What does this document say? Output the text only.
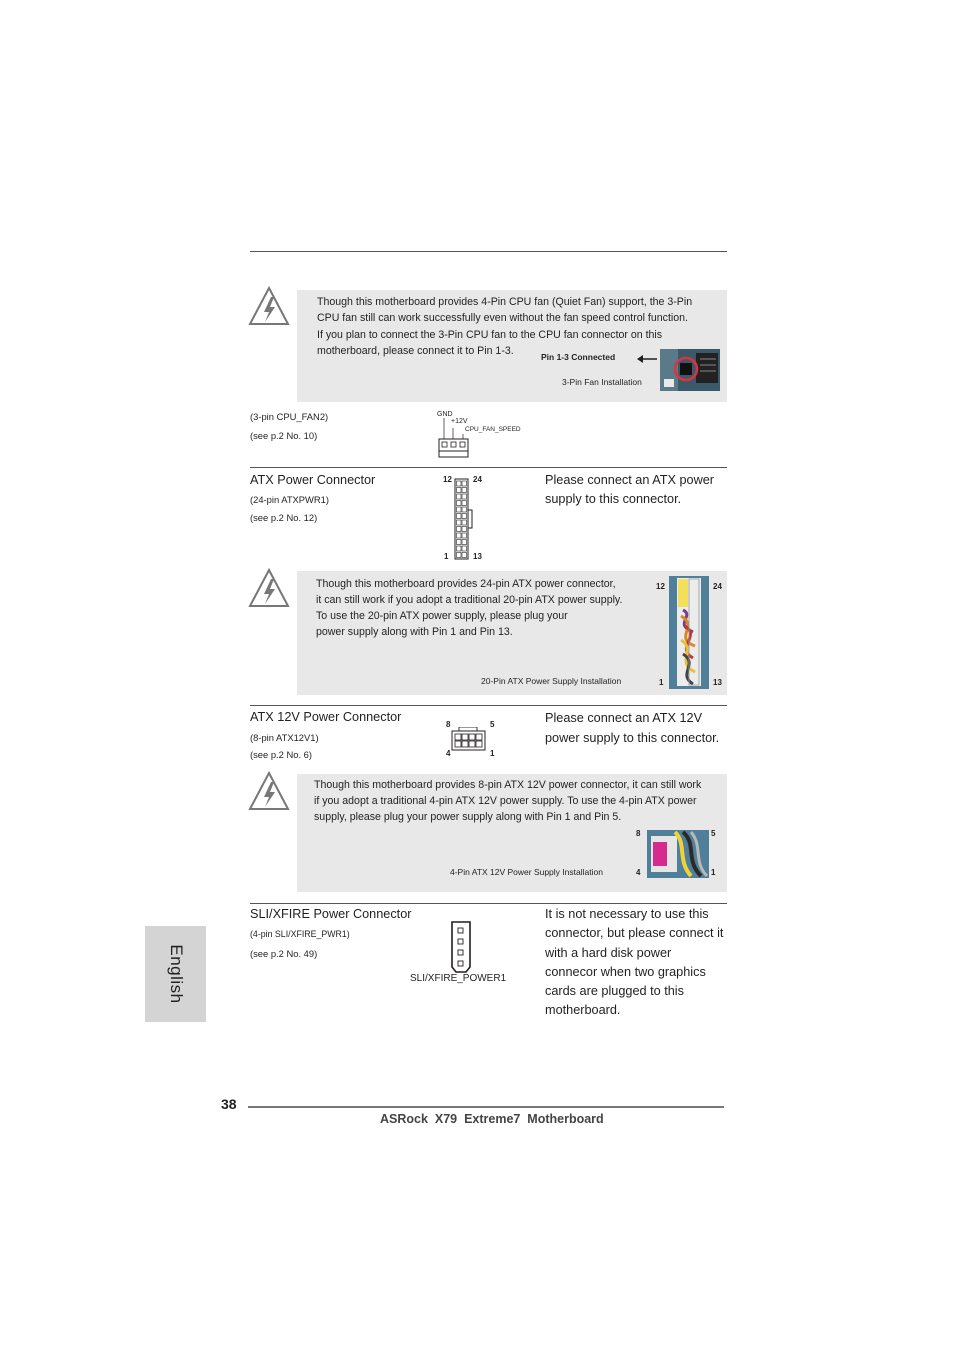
Though this motherboard provides 4-Pin CPU fan (Quiet Fan) support, the 3-Pin
CPU fan still can work successfully even without the fan speed control function.
If you plan to connect the 3-Pin CPU fan to the CPU fan connector on this
motherboard, please connect it to Pin 1-3.	Pin 1-3 Connected
3-Pin Fan Installation
(3-pin CPU_FAN2)
(see p.2 No. 10)
GND
+12V
CPU_FAN_SPEED
ATX Power Connector
(24-pin ATXPWR1)
(see p.2 No. 12)
12	24
1	13
Please connect an ATX power
supply to this connector.
Though this motherboard provides 24-pin ATX power connector,
it can still work if you adopt a traditional 20-pin ATX power supply.
To use the 20-pin ATX power supply, please plug your
power supply along with Pin 1 and Pin 13.
20-Pin ATX Power Supply Installation
12	24
1	13
ATX 12V Power Connector
(8-pin ATX12V1)
(see p.2 No. 6)
8	5
4	1
Please connect an ATX 12V
power supply to this connector.
Though this motherboard provides 8-pin ATX 12V power connector, it can still work
if you adopt a traditional 4-pin ATX 12V power supply. To use the 4-pin ATX power
supply, please plug your power supply along with Pin 1 and Pin 5.
4-Pin ATX 12V Power Supply Installation
8	5
4	1
SLI/XFIRE Power Connector
(4-pin SLI/XFIRE_PWR1)
(see p.2 No. 49)
SLI/XFIRE_POWER1
It is not necessary to use this
connector, but please connect it
with a hard disk power
connecor when two graphics
cards are plugged to this
motherboard.
English
38
ASRock  X79  Extreme7  Motherboard
